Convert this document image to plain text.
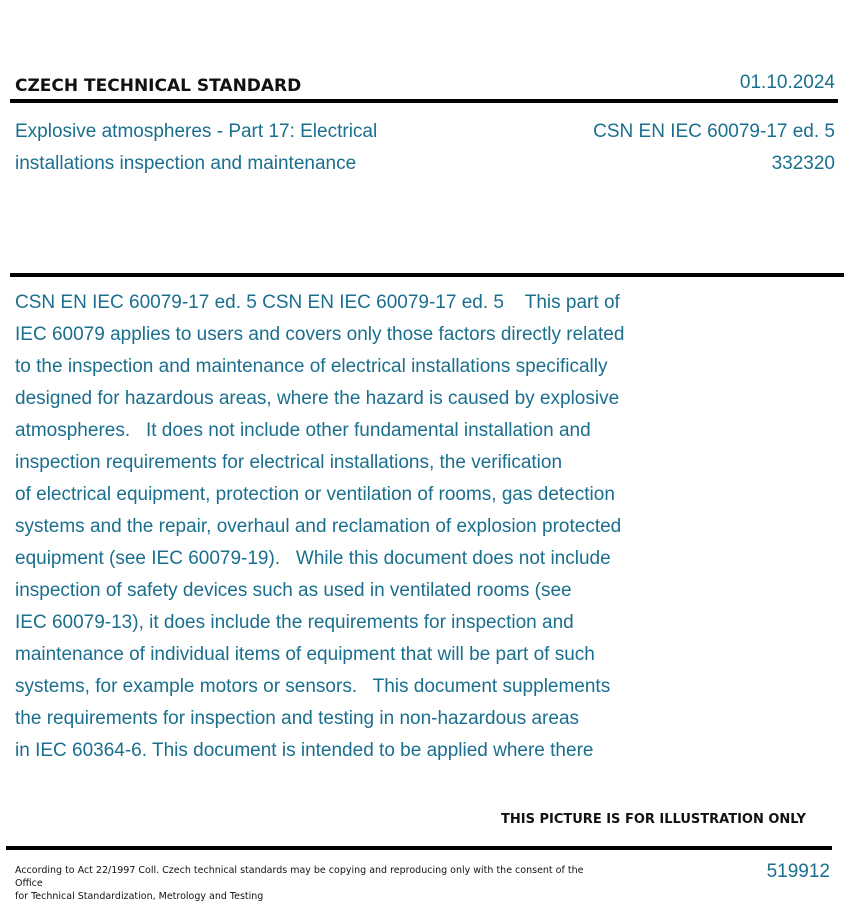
CZECH TECHNICAL STANDARD	01.10.2024
Explosive atmospheres - Part 17: Electrical
installations inspection and maintenance
CSN EN IEC 60079-17 ed. 5
332320
CSN EN IEC 60079-17 ed. 5 CSN EN IEC 60079-17 ed. 5    This part of
IEC 60079 applies to users and covers only those factors directly related
to the inspection and maintenance of electrical installations specifically
designed for hazardous areas, where the hazard is caused by explosive
atmospheres.   It does not include other fundamental installation and
inspection requirements for electrical installations, the verification
of electrical equipment, protection or ventilation of rooms, gas detection
systems and the repair, overhaul and reclamation of explosion protected
equipment (see IEC 60079-19).   While this document does not include
inspection of safety devices such as used in ventilated rooms (see
IEC 60079-13), it does include the requirements for inspection and
maintenance of individual items of equipment that will be part of such
systems, for example motors or sensors.   This document supplements
the requirements for inspection and testing in non-hazardous areas
in IEC 60364-6. This document is intended to be applied where there
THIS PICTURE IS FOR ILLUSTRATION ONLY
According to Act 22/1997 Coll. Czech technical standards may be copying and reproducing only with the consent of the Office
for Technical Standardization, Metrology and Testing
519912
